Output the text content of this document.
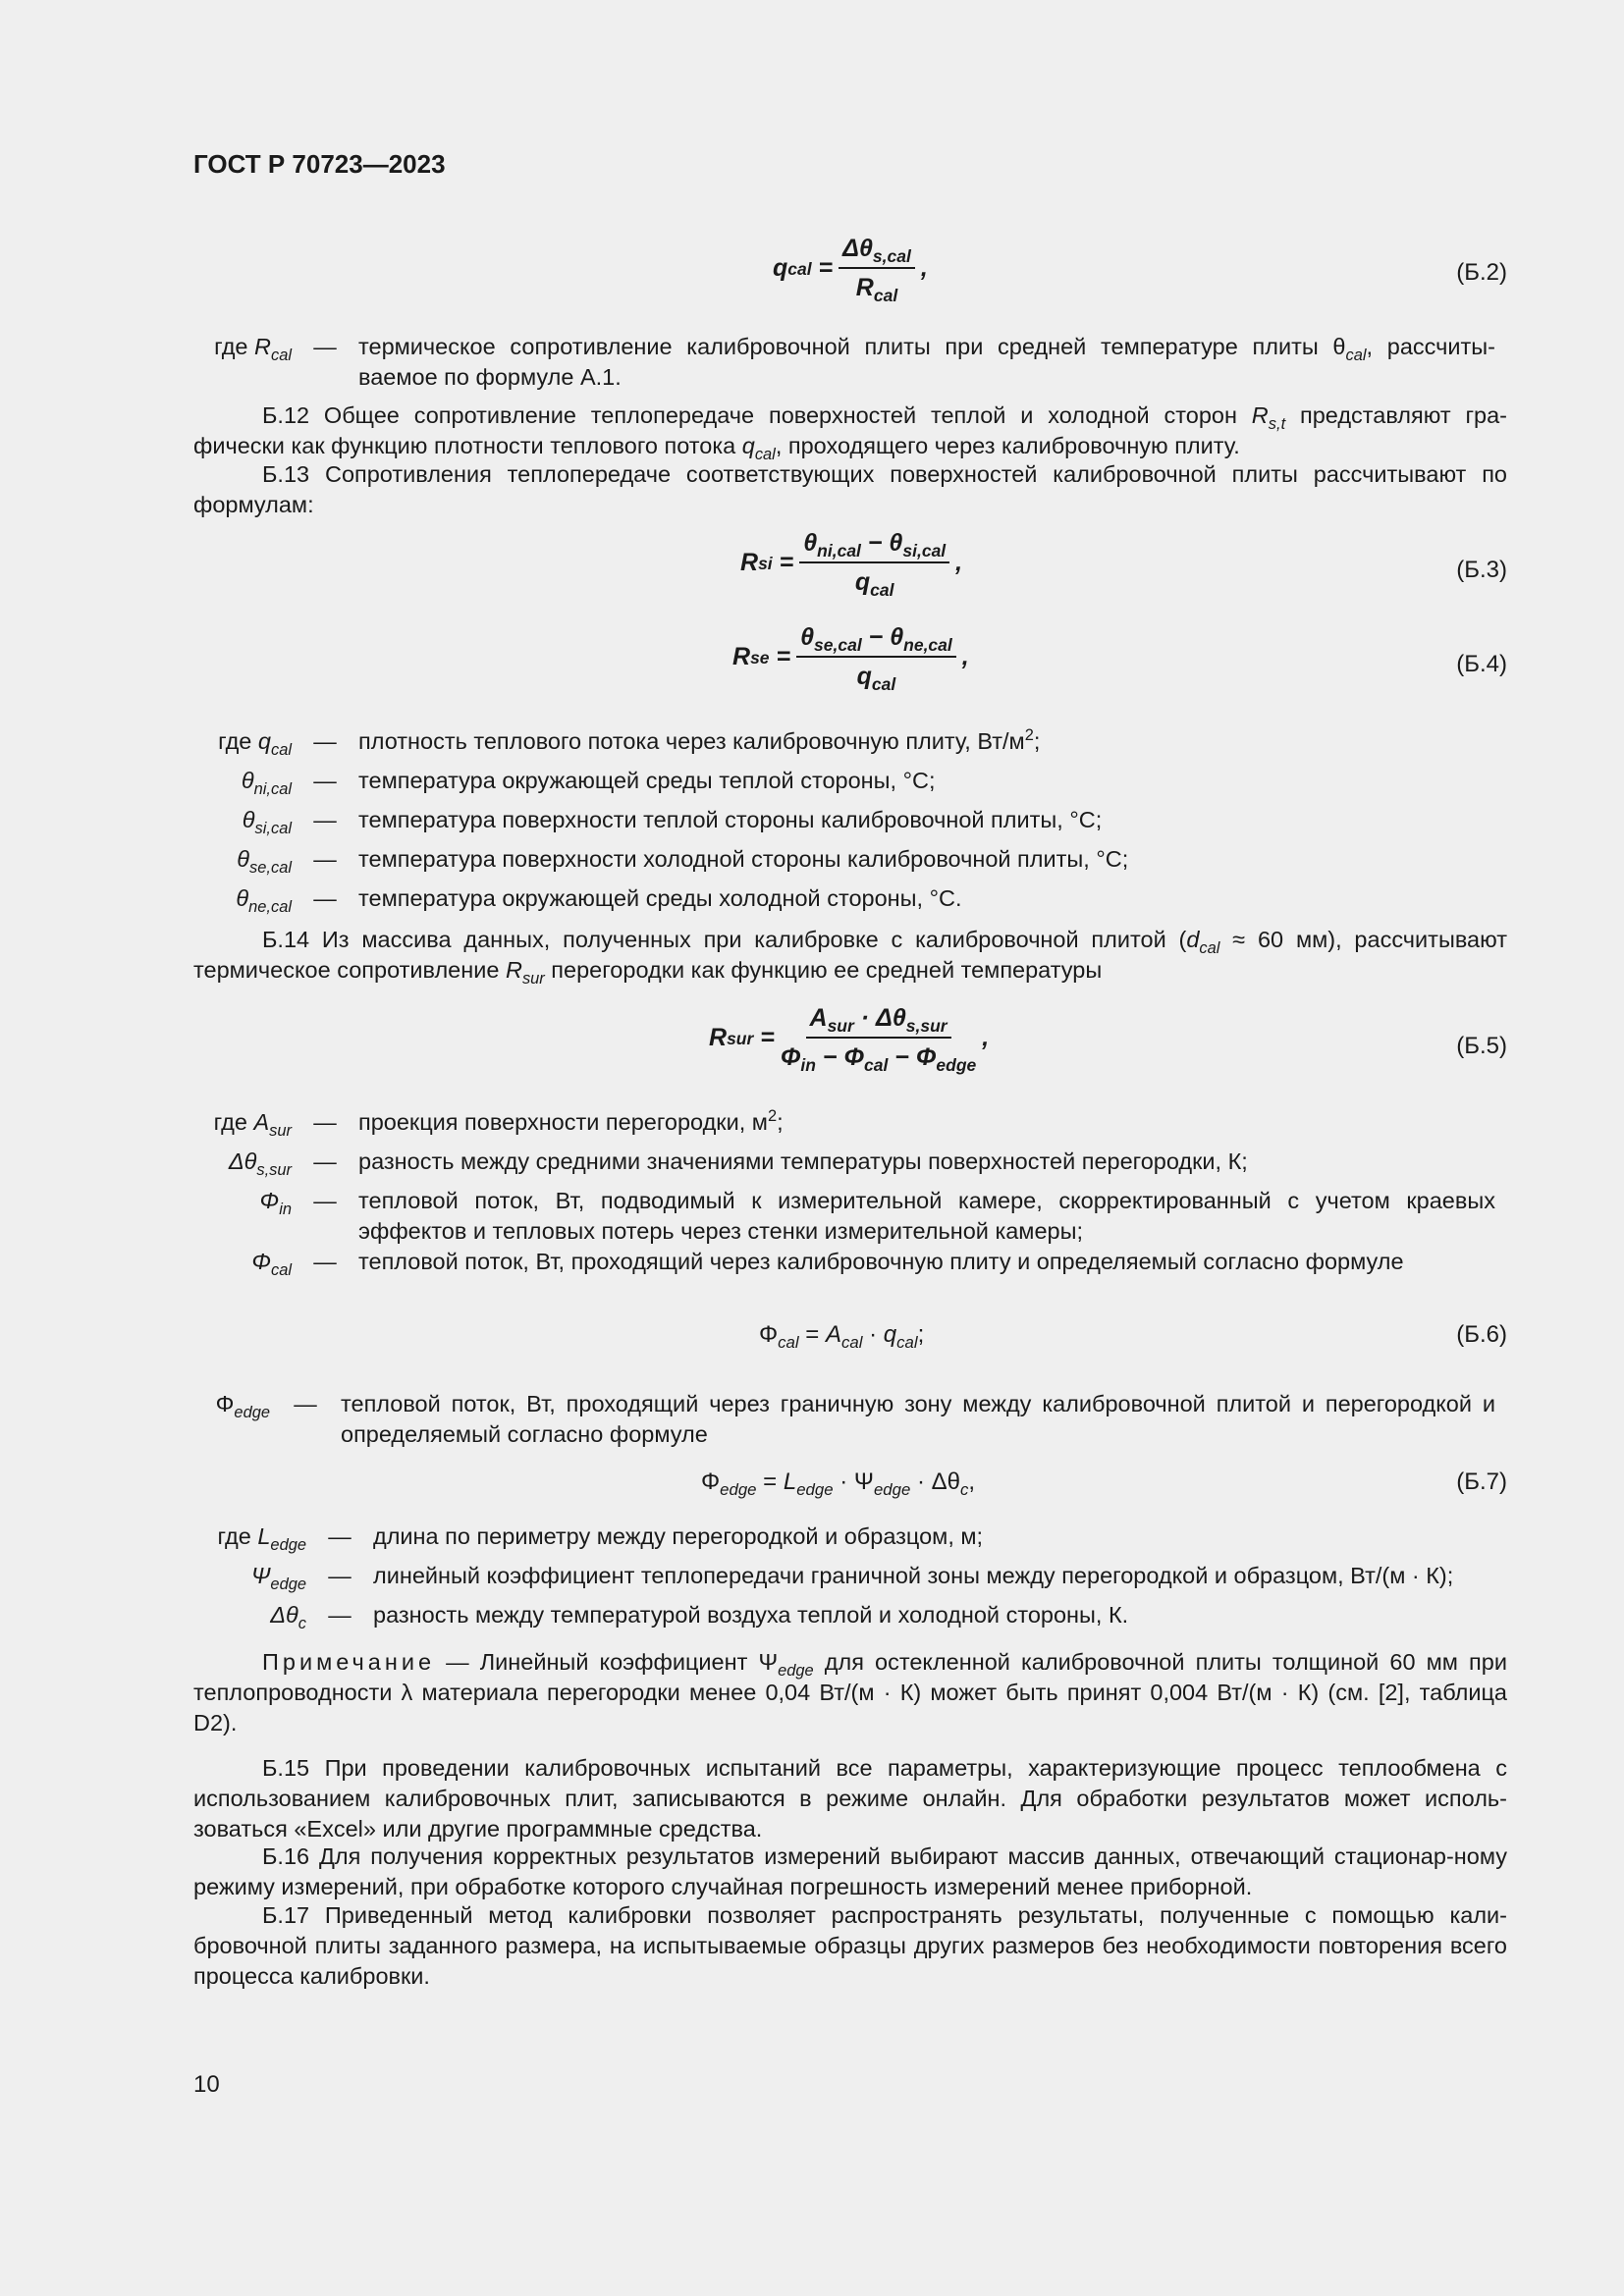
ГОСТ Р 70723—2023
q cal = $\frac{\Delta\theta_{s,cal}}{R_{cal}}$ ,	(Б.2)
где $R_{cal}$ — термическое сопротивление калибровочной плиты при средней температуре плиты $\theta_{cal}$, рассчиты-ваемое по формуле А.1.
Б.12 Общее сопротивление теплопередаче поверхностей теплой и холодной сторон $R_{s,t}$ представляют гра-фически как функцию плотности теплового потока $q_{cal}$, проходящего через калибровочную плиту.
Б.13 Сопротивления теплопередаче соответствующих поверхностей калибровочной плиты рассчитывают по формулам:
R si = $\frac{\theta_{ni,cal} - \theta_{si,cal}}{q_{cal}}$ ,	(Б.3)
R se = $\frac{\theta_{se,cal} - \theta_{ne,cal}}{q_{cal}}$ ,	(Б.4)
где $q_{cal}$ — плотность теплового потока через калибровочную плиту, $Вт/м^2$;
$\theta_{ni,cal}$ — температура окружающей среды теплой стороны, °C;
$\theta_{si,cal}$ — температура поверхности теплой стороны калибровочной плиты, °C;
$\theta_{se,cal}$ — температура поверхности холодной стороны калибровочной плиты, °C;
$\theta_{ne,cal}$ — температура окружающей среды холодной стороны, °C.
Б.14 Из массива данных, полученных при калибровке с калибровочной плитой ($d_{cal} \approx 60$ мм), рассчитывают термическое сопротивление $R_{sur}$ перегородки как функцию ее средней температуры
R sur = $\frac{A_{sur} \cdot \Delta\theta_{s,sur}}{\Phi_{in} - \Phi_{cal} - \Phi_{edge}}$ ,	(Б.5)
где $A_{sur}$ — проекция поверхности перегородки, $м^2$;
$\Delta\theta_{s,sur}$ — разность между средними значениями температуры поверхностей перегородки, К;
$\Phi_{in}$ — тепловой поток, Вт, подводимый к измерительной камере, скорректированный с учетом краевых эффектов и тепловых потерь через стенки измерительной камеры;
$\Phi_{cal}$ — тепловой поток, Вт, проходящий через калибровочную плиту и определяемый согласно формуле
$\Phi_{cal} = A_{cal} \cdot q_{cal}$;	(Б.6)
$\Phi_{edge}$	—	тепловой поток, Вт, проходящий через граничную зону между калибровочной плитой и перегородкой и определяемый согласно формуле
$\Phi_{edge} = L_{edge} \cdot \Psi_{edge} \cdot \Delta\theta_c$,	(Б.7)
где $L_{edge}$ — длина по периметру между перегородкой и образцом, м;
$\Psi_{edge}$ — линейный коэффициент теплопередачи граничной зоны между перегородкой и образцом, Вт/(м · К);
$\Delta\theta_c$ — разность между температурой воздуха теплой и холодной стороны, К.
Примечание — Линейный коэффициент $\Psi_{edge}$ для остекленной калибровочной плиты толщиной 60 мм при теплопроводности λ материала перегородки менее 0,04 Вт/(м · К) может быть принят 0,004 Вт/(м · К) (см. [2], таблица D2).
Б.15 При проведении калибровочных испытаний все параметры, характеризующие процесс теплообмена с использованием калибровочных плит, записываются в режиме онлайн. Для обработки результатов может исполь-зоваться «Excel» или другие программные средства.
Б.16 Для получения корректных результатов измерений выбирают массив данных, отвечающий стационар-ному режиму измерений, при обработке которого случайная погрешность измерений менее приборной.
Б.17 Приведенный метод калибровки позволяет распространять результаты, полученные с помощью кали-бровочной плиты заданного размера, на испытываемые образцы других размеров без необходимости повторения всего процесса калибровки.
10
